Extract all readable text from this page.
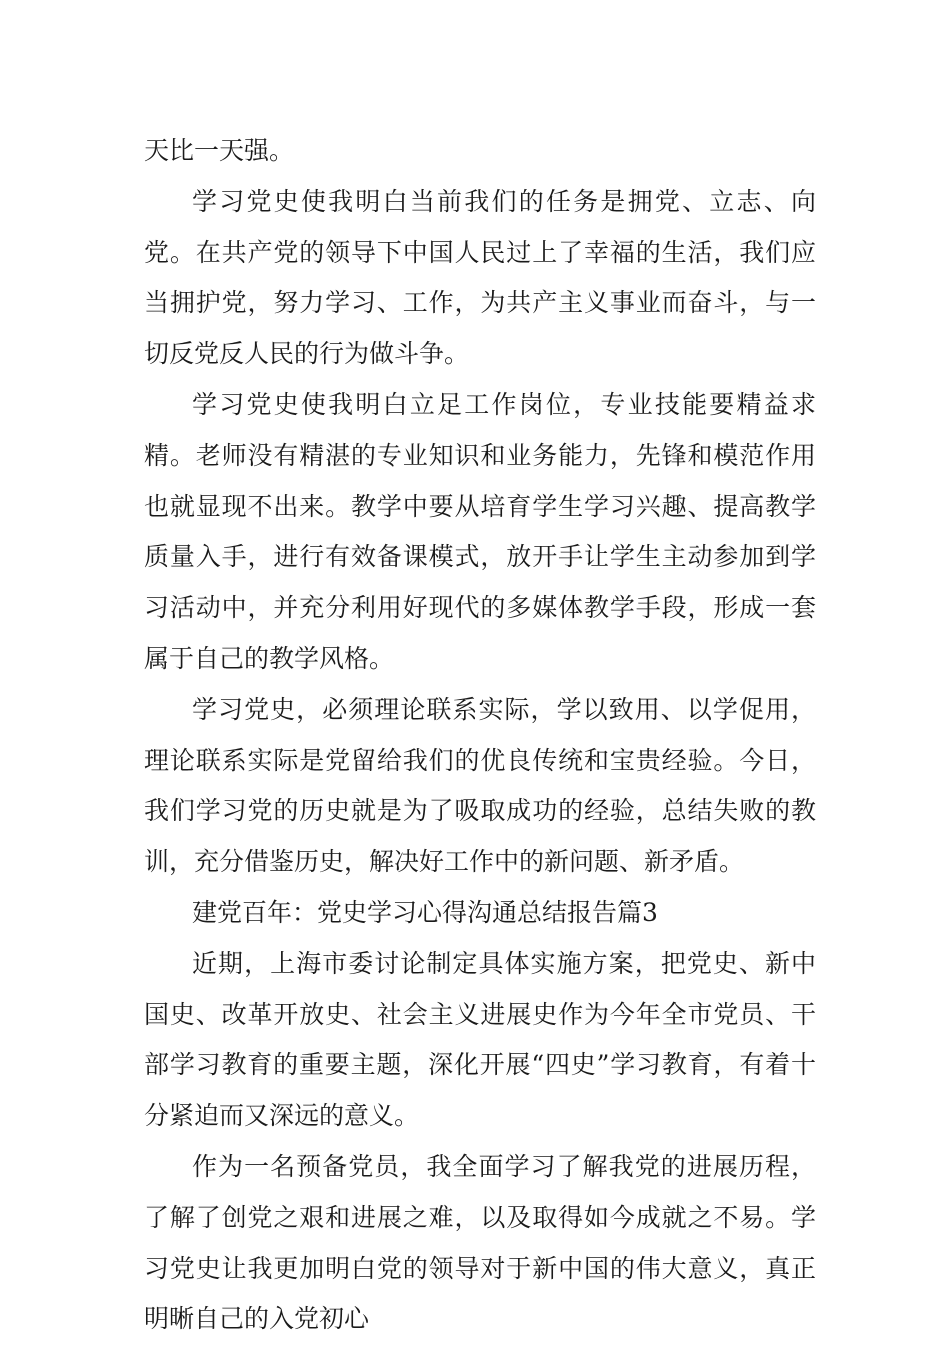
天比一天强。

学习党史使我明白当前我们的任务是拥党、立志、向党。在共产党的领导下中国人民过上了幸福的生活，我们应当拥护党，努力学习、工作，为共产主义事业而奋斗，与一切反党反人民的行为做斗争。

学习党史使我明白立足工作岗位，专业技能要精益求精。老师没有精湛的专业知识和业务能力，先锋和模范作用也就显现不出来。教学中要从培育学生学习兴趣、提高教学质量入手，进行有效备课模式，放开手让学生主动参加到学习活动中，并充分利用好现代的多媒体教学手段，形成一套属于自己的教学风格。

学习党史，必须理论联系实际，学以致用、以学促用，理论联系实际是党留给我们的优良传统和宝贵经验。今日，我们学习党的历史就是为了吸取成功的经验，总结失败的教训，充分借鉴历史，解决好工作中的新问题、新矛盾。

建党百年：党史学习心得沟通总结报告篇3

近期，上海市委讨论制定具体实施方案，把党史、新中国史、改革开放史、社会主义进展史作为今年全市党员、干部学习教育的重要主题，深化开展“四史”学习教育，有着十分紧迫而又深远的意义。

作为一名预备党员，我全面学习了解我党的进展历程，了解了创党之艰和进展之难，以及取得如今成就之不易。学习党史让我更加明白党的领导对于新中国的伟大意义，真正明晰自己的入党初心
